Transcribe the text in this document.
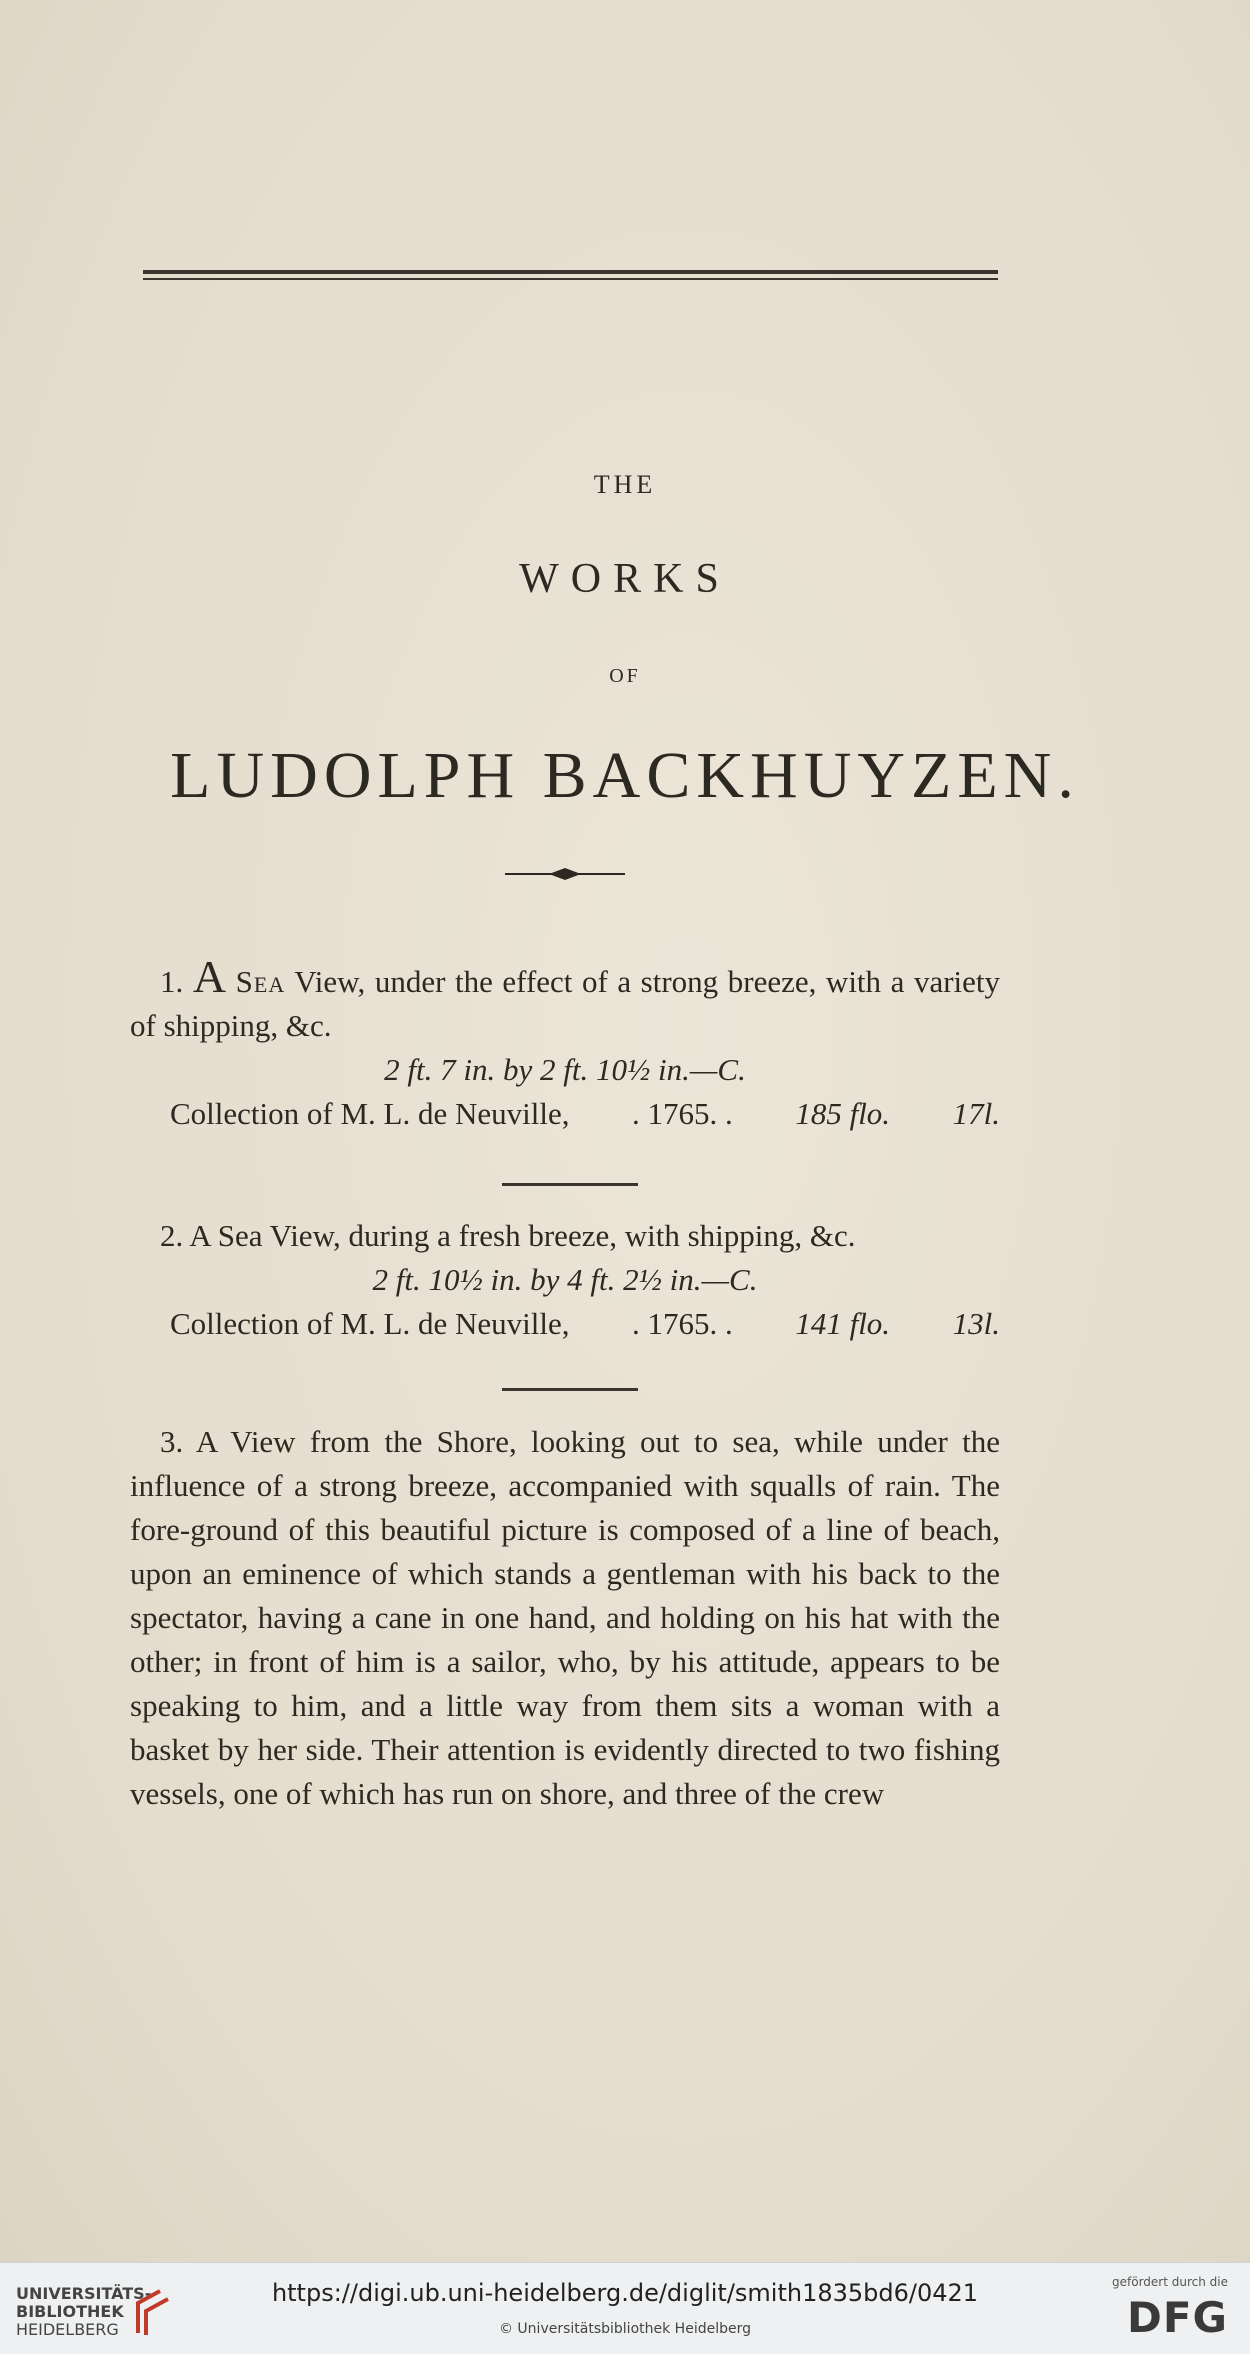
THE
WORKS
OF
LUDOLPH BACKHUYZEN.

1. A Sea View, under the effect of a strong breeze, with a variety of shipping, &c.

2 ft. 7 in. by 2 ft. 10½ in.—C.

Collection of M. L. de Neuville, . 1765. . 185 flo. 17l.

2. A Sea View, during a fresh breeze, with shipping, &c.

2 ft. 10½ in. by 4 ft. 2½ in.—C.

Collection of M. L. de Neuville, . 1765. . 141 flo. 13l.

3. A View from the Shore, looking out to sea, while under the influence of a strong breeze, accompanied with squalls of rain. The fore-ground of this beautiful picture is composed of a line of beach, upon an eminence of which stands a gentleman with his back to the spectator, having a cane in one hand, and holding on his hat with the other; in front of him is a sailor, who, by his attitude, appears to be speaking to him, and a little way from them sits a woman with a basket by her side. Their attention is evidently directed to two fishing vessels, one of which has run on shore, and three of the crew

UNIVERSITÄTS-
BIBLIOTHEK
HEIDELBERG
https://digi.ub.uni-heidelberg.de/diglit/smith1835bd6/0421
© Universitätsbibliothek Heidelberg
gefördert durch die
DFG
